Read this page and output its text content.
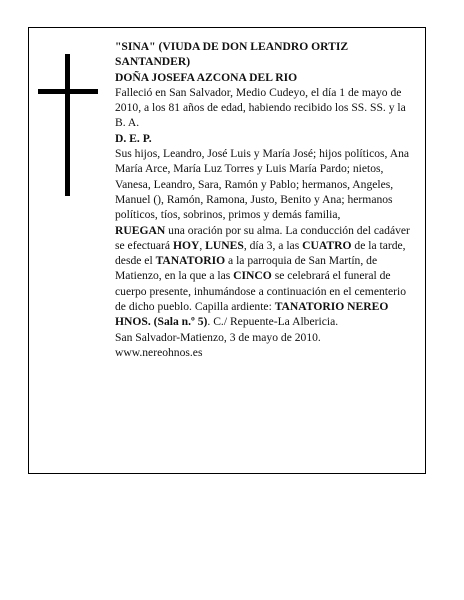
"SINA" (VIUDA DE DON LEANDRO ORTIZ SANTANDER)

DOÑA JOSEFA AZCONA DEL RIO

Falleció en San Salvador, Medio Cudeyo, el día 1 de mayo de 2010, a los 81 años de edad, habiendo recibido los SS. SS. y la B. A.

D. E. P.

Sus hijos, Leandro, José Luis y María José; hijos políticos, Ana María Arce, María Luz Torres y Luis María Pardo; nietos, Vanesa, Leandro, Sara, Ramón y Pablo; hermanos, Angeles, Manuel (), Ramón, Ramona, Justo, Benito y Ana; hermanos políticos, tíos, sobrinos, primos y demás familia,

RUEGAN una oración por su alma. La conducción del cadáver se efectuará HOY, LUNES, día 3, a las CUATRO de la tarde, desde el TANATORIO a la parroquia de San Martín, de Matienzo, en la que a las CINCO se celebrará el funeral de cuerpo presente, inhumándose a continuación en el cementerio de dicho pueblo. Capilla ardiente: TANATORIO NEREO HNOS. (Sala n.º 5). C./ Repuente-La Albericia.

San Salvador-Matienzo, 3 de mayo de 2010.

www.nereohnos.es
